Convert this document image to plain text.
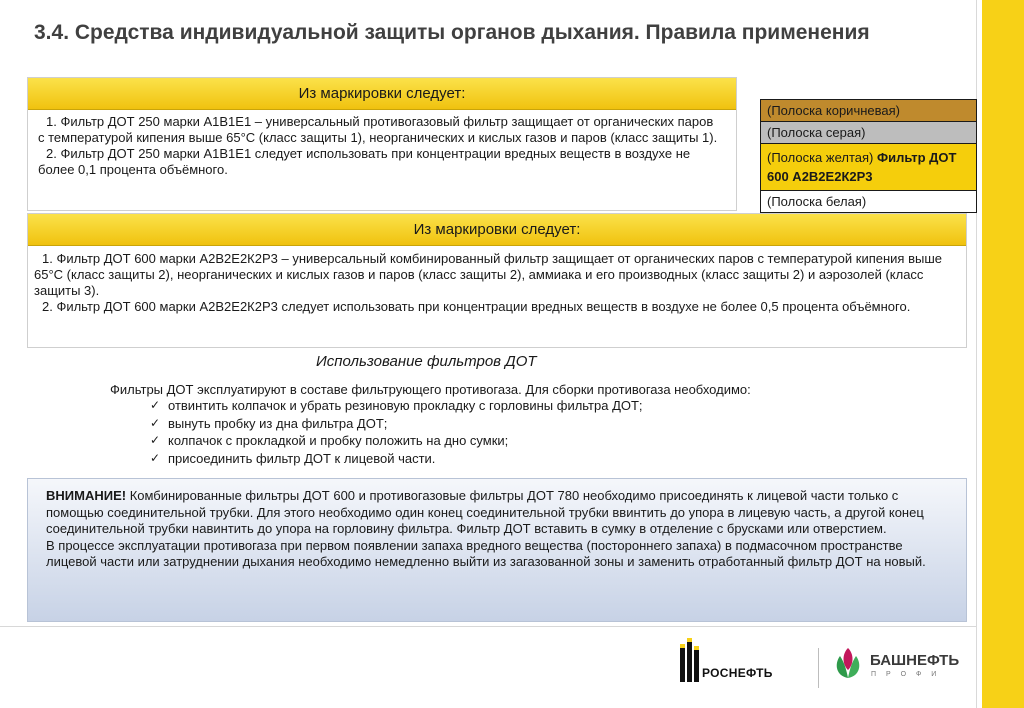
3.4. Средства индивидуальной защиты органов дыхания. Правила применения
Из маркировки следует:

1. Фильтр ДОТ 250 марки А1В1Е1 – универсальный противогазовый фильтр защищает от органических паров с температурой кипения выше 65°С (класс защиты 1), неорганических и кислых газов и паров (класс защиты 1).

2. Фильтр ДОТ 250 марки А1В1Е1 следует использовать при концентрации вредных веществ в воздухе не более 0,1 процента объёмного.

(Полоска коричневая)
(Полоска серая)
(Полоска желтая) Фильтр ДОТ 600 А2В2Е2К2Р3
(Полоска белая)
Из маркировки следует:

1. Фильтр ДОТ 600 марки А2В2Е2К2Р3 – универсальный комбинированный фильтр защищает от органических паров с температурой кипения выше 65°С (класс защиты 2), неорганических и кислых газов и паров (класс защиты 2), аммиака и его производных (класс защиты 2) и аэрозолей (класс защиты 3).

2. Фильтр ДОТ 600 марки А2В2Е2К2Р3 следует использовать при концентрации вредных веществ в воздухе не более 0,5 процента объёмного.

Использование фильтров ДОТ
Фильтры ДОТ эксплуатируют в составе фильтрующего противогаза. Для сборки противогаза необходимо:
✓ отвинтить колпачок и убрать резиновую прокладку с горловины фильтра ДОТ;
✓ вынуть пробку из дна фильтра ДОТ;
✓ колпачок с прокладкой и пробку положить на дно сумки;
✓ присоединить фильтр ДОТ к лицевой части.

ВНИМАНИЕ! Комбинированные фильтры ДОТ 600 и противогазовые фильтры ДОТ 780 необходимо присоединять к лицевой части только с помощью соединительной трубки. Для этого необходимо один конец соединительной трубки ввинтить до упора в лицевую часть, а другой конец соединительной трубки навинтить до упора на горловину фильтра. Фильтр ДОТ вставить в сумку в отделение с брусками или отверстием.

В процессе эксплуатации противогаза при первом появлении запаха вредного вещества (постороннего запаха) в подмасочном пространстве лицевой части или затруднении дыхания необходимо немедленно выйти из загазованной зоны и заменить отработанный фильтр ДОТ на новый.

РОСНЕФТЬ
БАШНЕФТЬ
П Р О Ф И
